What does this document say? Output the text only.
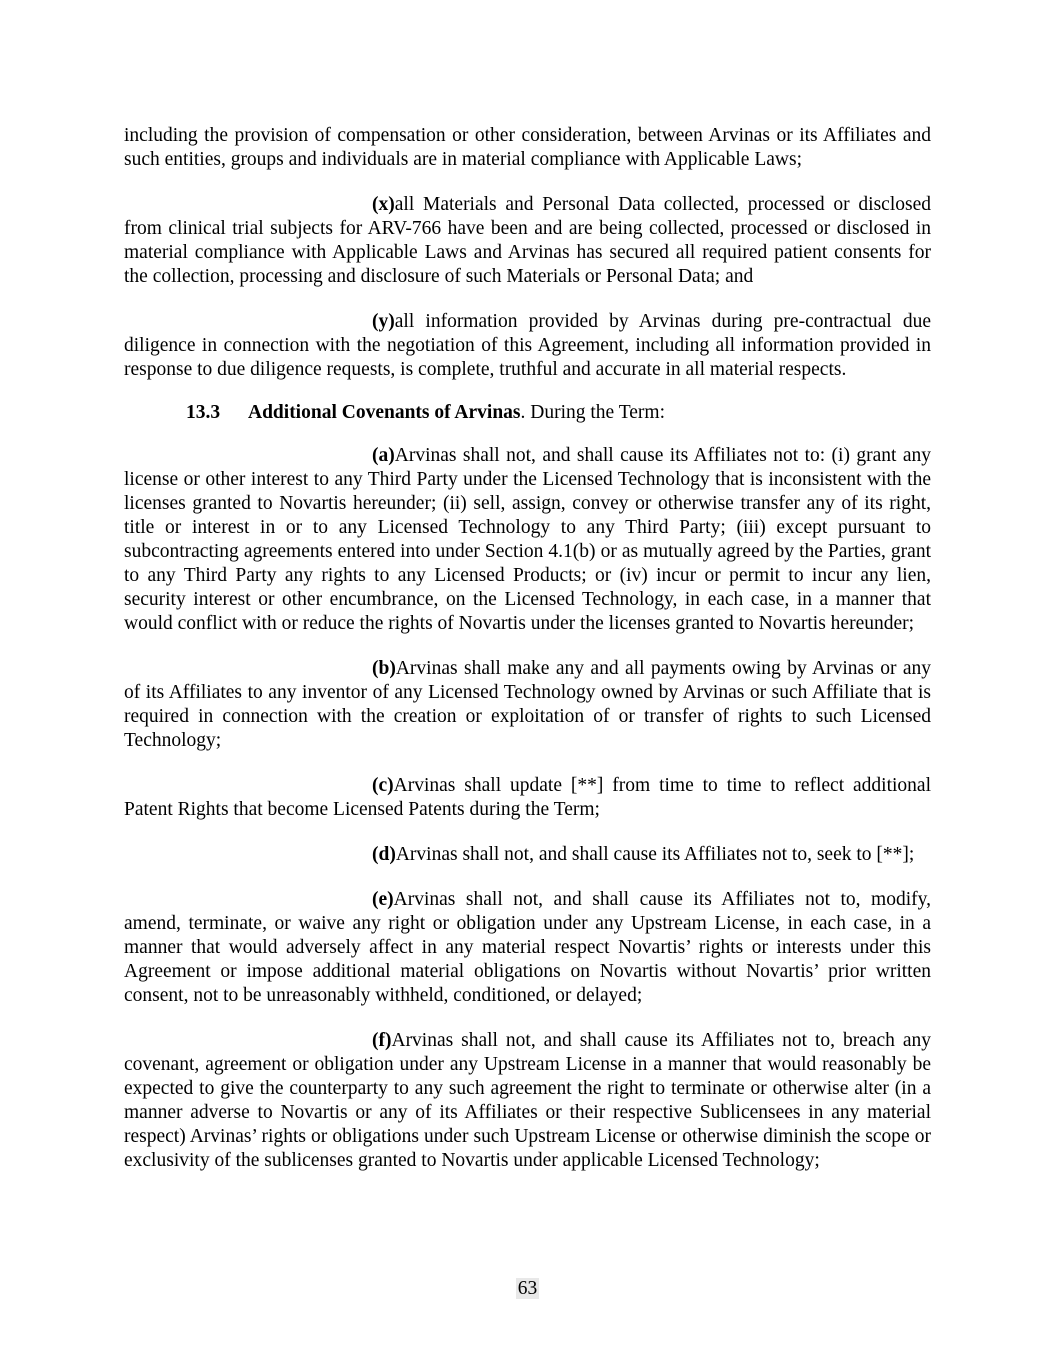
including the provision of compensation or other consideration, between Arvinas or its Affiliates and such entities, groups and individuals are in material compliance with Applicable Laws;

(x)all Materials and Personal Data collected, processed or disclosed from clinical trial subjects for ARV-766 have been and are being collected, processed or disclosed in material compliance with Applicable Laws and Arvinas has secured all required patient consents for the collection, processing and disclosure of such Materials or Personal Data; and

(y)all information provided by Arvinas during pre-contractual due diligence in connection with the negotiation of this Agreement, including all information provided in response to due diligence requests, is complete, truthful and accurate in all material respects.

13.3 Additional Covenants of Arvinas. During the Term:

(a)Arvinas shall not, and shall cause its Affiliates not to: (i) grant any license or other interest to any Third Party under the Licensed Technology that is inconsistent with the licenses granted to Novartis hereunder; (ii) sell, assign, convey or otherwise transfer any of its right, title or interest in or to any Licensed Technology to any Third Party; (iii) except pursuant to subcontracting agreements entered into under Section 4.1(b) or as mutually agreed by the Parties, grant to any Third Party any rights to any Licensed Products; or (iv) incur or permit to incur any lien, security interest or other encumbrance, on the Licensed Technology, in each case, in a manner that would conflict with or reduce the rights of Novartis under the licenses granted to Novartis hereunder;

(b)Arvinas shall make any and all payments owing by Arvinas or any of its Affiliates to any inventor of any Licensed Technology owned by Arvinas or such Affiliate that is required in connection with the creation or exploitation of or transfer of rights to such Licensed Technology;

(c)Arvinas shall update [**] from time to time to reflect additional Patent Rights that become Licensed Patents during the Term;

(d)Arvinas shall not, and shall cause its Affiliates not to, seek to [**];

(e)Arvinas shall not, and shall cause its Affiliates not to, modify, amend, terminate, or waive any right or obligation under any Upstream License, in each case, in a manner that would adversely affect in any material respect Novartis’ rights or interests under this Agreement or impose additional material obligations on Novartis without Novartis’ prior written consent, not to be unreasonably withheld, conditioned, or delayed;

(f)Arvinas shall not, and shall cause its Affiliates not to, breach any covenant, agreement or obligation under any Upstream License in a manner that would reasonably be expected to give the counterparty to any such agreement the right to terminate or otherwise alter (in a manner adverse to Novartis or any of its Affiliates or their respective Sublicensees in any material respect) Arvinas’ rights or obligations under such Upstream License or otherwise diminish the scope or exclusivity of the sublicenses granted to Novartis under applicable Licensed Technology;

63
